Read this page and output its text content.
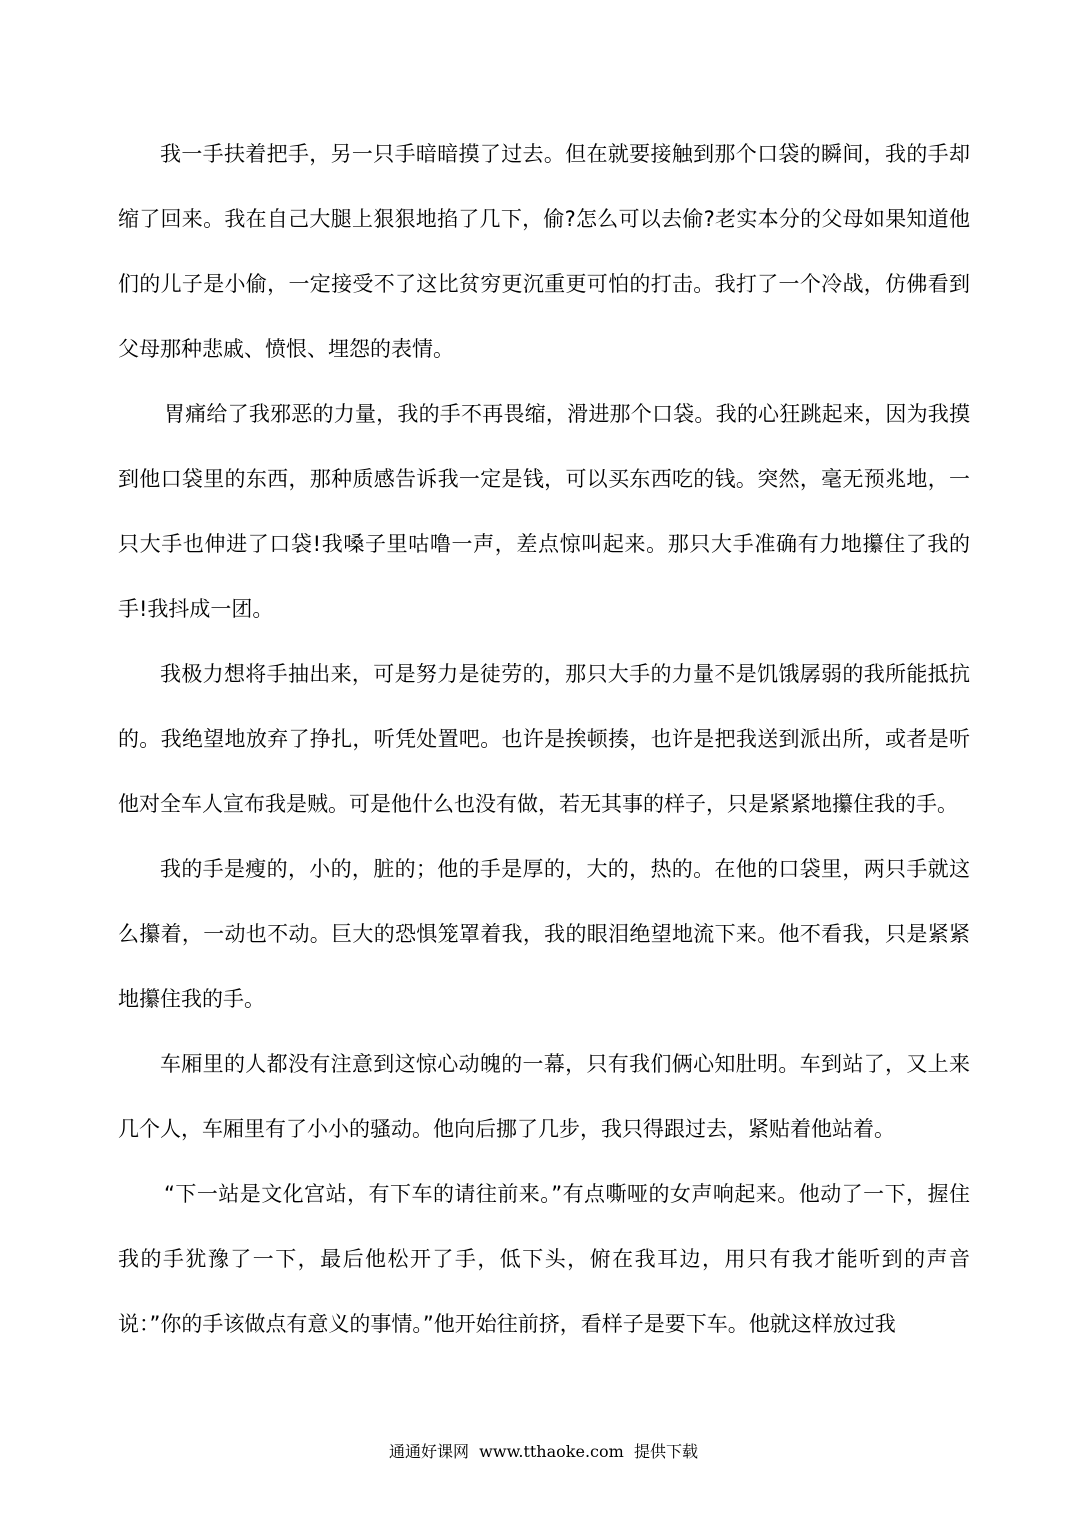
我一手扶着把手，另一只手暗暗摸了过去。但在就要接触到那个口袋的瞬间，我的手却缩了回来。我在自己大腿上狠狠地掐了几下，偷?怎么可以去偷?老实本分的父母如果知道他们的儿子是小偷，一定接受不了这比贫穷更沉重更可怕的打击。我打了一个冷战，仿佛看到父母那种悲戚、愤恨、埋怨的表情。

胃痛给了我邪恶的力量，我的手不再畏缩，滑进那个口袋。我的心狂跳起来，因为我摸到他口袋里的东西，那种质感告诉我一定是钱，可以买东西吃的钱。突然，毫无预兆地，一只大手也伸进了口袋!我嗓子里咕噜一声，差点惊叫起来。那只大手准确有力地攥住了我的手!我抖成一团。

我极力想将手抽出来，可是努力是徒劳的，那只大手的力量不是饥饿孱弱的我所能抵抗的。我绝望地放弃了挣扎，听凭处置吧。也许是挨顿揍，也许是把我送到派出所，或者是听他对全车人宣布我是贼。可是他什么也没有做，若无其事的样子，只是紧紧地攥住我的手。

我的手是瘦的，小的，脏的；他的手是厚的，大的，热的。在他的口袋里，两只手就这么攥着，一动也不动。巨大的恐惧笼罩着我，我的眼泪绝望地流下来。他不看我，只是紧紧地攥住我的手。

车厢里的人都没有注意到这惊心动魄的一幕，只有我们俩心知肚明。车到站了，又上来几个人，车厢里有了小小的骚动。他向后挪了几步，我只得跟过去，紧贴着他站着。

“下一站是文化宫站，有下车的请往前来。”有点嘶哑的女声响起来。他动了一下，握住我的手犹豫了一下，最后他松开了手，低下头，俯在我耳边，用只有我才能听到的声音说：”你的手该做点有意义的事情。”他开始往前挤，看样子是要下车。他就这样放过我

通通好课网  www.tthaoke.com  提供下载
